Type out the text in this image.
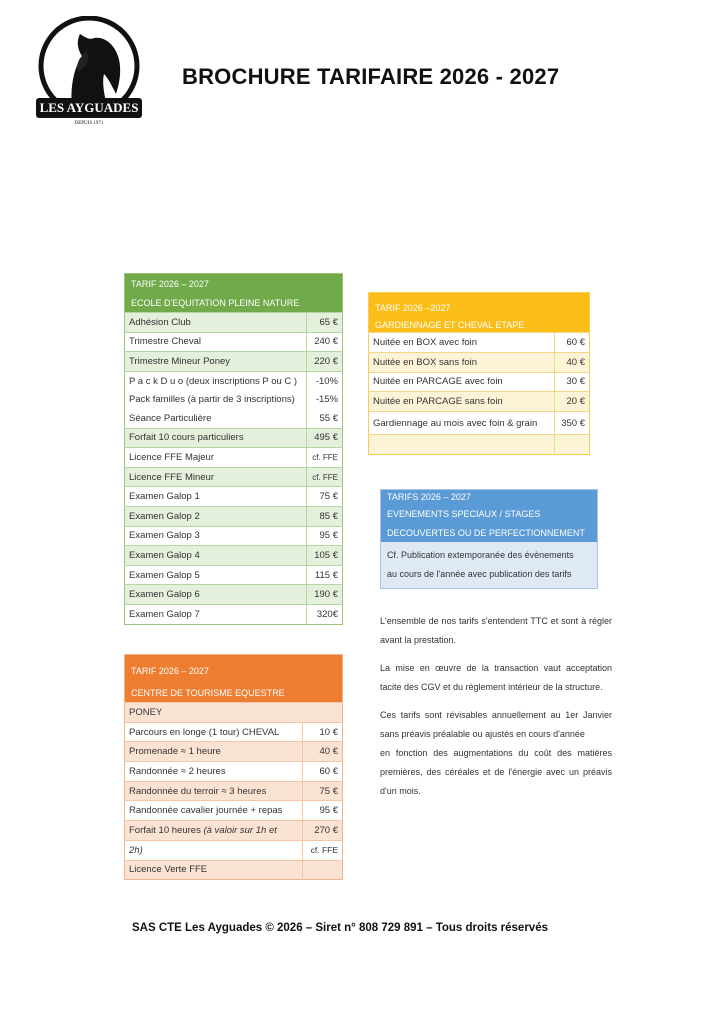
LES AYGUADES
DEPUIS 1971
BROCHURE TARIFAIRE 2026 - 2027
TARIF 2026 – 2027	
ECOLE D'EQUITATION PLEINE NATURE	
Adhésion Club	65 €
Trimestre Cheval	240 €
Trimestre Mineur Poney	220 €
P a c k D u o (deux inscriptions P ou C )	-10%
Pack familles (à partir de 3 inscriptions)	-15%
Séance Particulière	55 €
Forfait 10 cours particuliers	495 €
Licence FFE Majeur	cf. FFE
Licence FFE Mineur	cf. FFE
Examen Galop 1	75 €
Examen Galop 2	85 €
Examen Galop 3	95 €
Examen Galop 4	105 €
Examen Galop 5	115 €
Examen Galop 6	190 €
Examen Galop 7	320€
TARIF 2026 –2027	
GARDIENNAGE ET CHEVAL ETAPE	
Nuitée en BOX avec foin	60 €
Nuitée en BOX sans foin	40 €
Nuitée en PARCAGE avec foin	30 €
Nuitée en PARCAGE sans foin	20 €
Gardiennage au mois avec foin & grain	350 €

TARIFS 2026 – 2027
EVENEMENTS SPECIAUX / STAGES
DECOUVERTES OU DE PERFECTIONNEMENT
Cf. Publication extemporanée des évènements
au cours de l'année avec publication des tarifs
TARIF 2026 – 2027	
CENTRE DE TOURISME EQUESTRE	
PONEY	
Parcours en longe (1 tour) CHEVAL	10 €
Promenade ≈ 1 heure	40 €
Randonnée ≈ 2 heures	60 €
Randonnée du terroir ≈ 3 heures	75 €
Randonnée cavalier journée + repas	95 €
Forfait 10 heures (à valoir sur 1h et	270 €
2h)	cf. FFE
Licence Verte FFE	

L'ensemble de nos tarifs s'entendent TTC et sont à régler avant la prestation.

La mise en œuvre de la transaction vaut acceptation tacite des CGV et du règlement intérieur de la structure.

Ces tarifs sont révisables annuellement au 1er Janvier sans préavis préalable ou ajustés en cours d'année

en fonction des augmentations du coût des matières premières, des céréales et de l'énergie avec un préavis d'un mois.

SAS CTE Les Ayguades © 2026 – Siret n° 808 729 891 – Tous droits réservés
